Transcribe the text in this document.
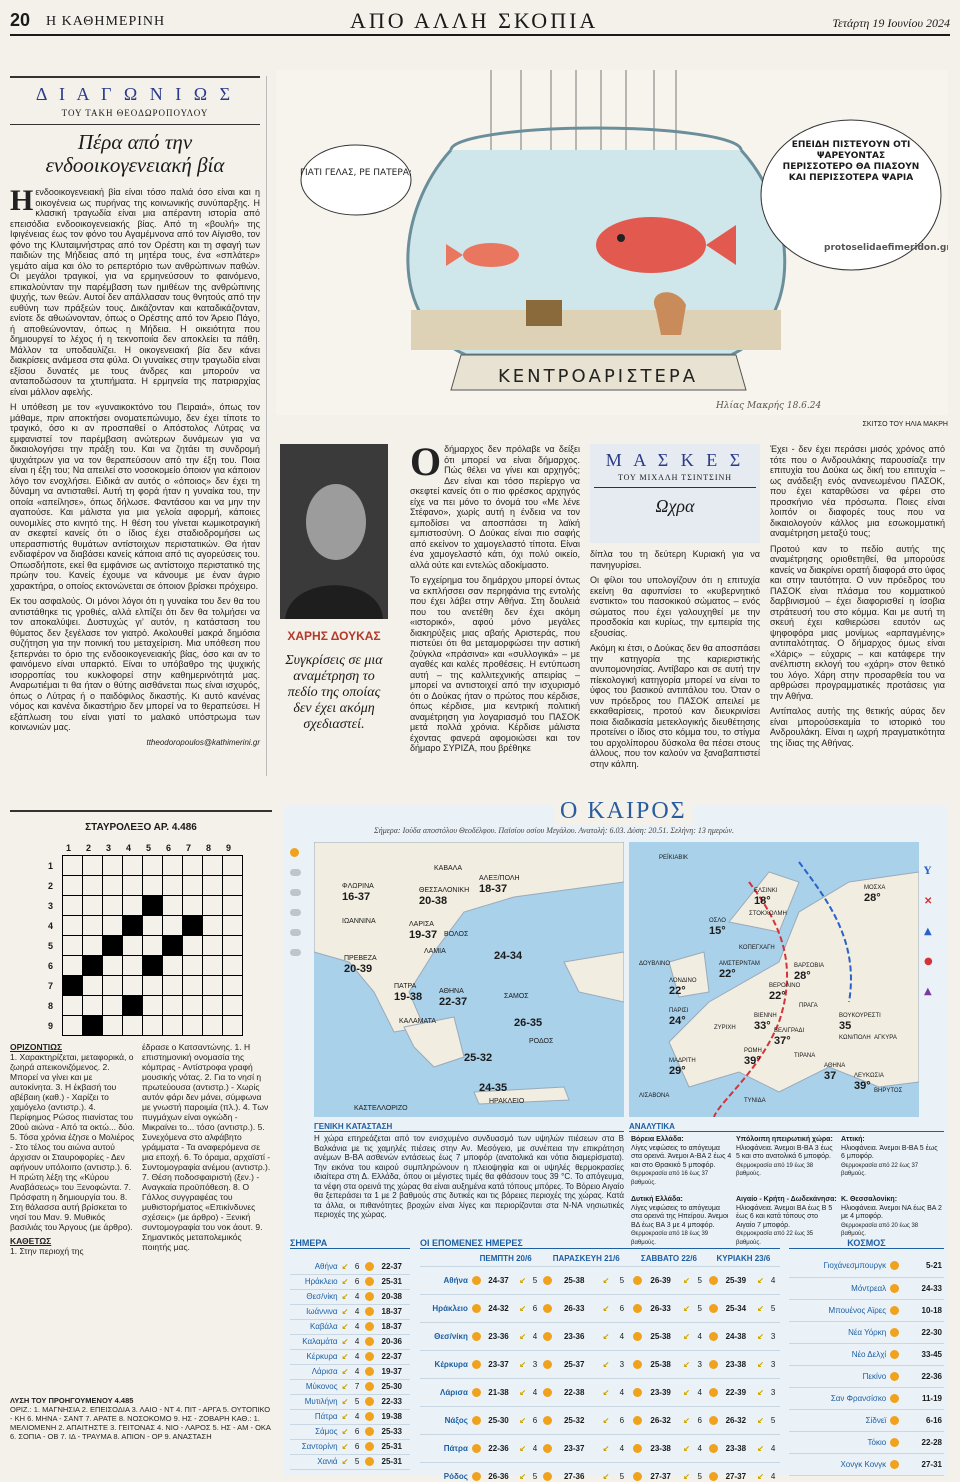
20 Η ΚΑΘΗΜΕΡΙΝΗ	ΑΠΟ ΑΛΛΗ ΣΚΟΠΙΑ	Τετάρτη 19 Ιουνίου 2024
Δ Ι Α Γ Ω Ν Ι Ω Σ
ΤΟΥ ΤΑΚΗ ΘΕΟΔΩΡΟΠΟΥΛΟΥ
Πέρα από την ενδοοικογενειακή βία

Ηενδοοικογενειακή βία είναι τόσο παλιά όσο είναι και η οικογένεια ως πυρήνας της κοινωνικής συνύπαρξης. Η κλασική τραγωδία είναι μια απέραντη ιστορία από επεισόδια ενδοοικογενειακής βίας. Από τη «βουλή» της Ιφιγένειας έως τον φόνο του Αγαμέμνονα από τον Αίγισθο, τον φόνο της Κλυταιμνήστρας από τον Ορέστη και τη σφαγή των παιδιών της Μήδειας από τη μητέρα τους, ένα «σπλάτερ» γεμάτο αίμα και όλο το ρεπερτόριο των ανθρώπινων παθών. Οι μεγάλοι τραγικοί, για να ερμηνεύσουν το φαινόμενο, επικαλούνταν την παρέμβαση των ημιθέων της ανθρώπινης ψυχής, των θεών. Αυτοί δεν απάλλασαν τους θνητούς από την ευθύνη των πράξεών τους. Δικάζονταν και καταδικάζονταν, ενίοτε δε αθωώνονταν, όπως ο Ορέστης από τον Άρειο Πάγο, ή αποθεώνονταν, όπως η Μήδεια. Η οικειότητα που δημιουργεί το λέχος ή η τεκνοποιία δεν αποκλείει τα πάθη. Μάλλον τα υποδαυλίζει. Η οικογενειακή βία δεν κάνει διακρίσεις ανάμεσα στα φύλα. Οι γυναίκες στην τραγωδία είναι εξίσου δυνατές με τους άνδρες και μπορούν να ανταποδώσουν τα χτυπήματα. Η ερμηνεία της πατριαρχίας είναι μάλλον αφελής.

Η υπόθεση με τον «γυναικοκτόνο του Πειραιά», όπως τον μάθαμε, πριν αποκτήσει ονοματεπώνυμο, δεν έχει τίποτε το τραγικό, όσο κι αν προσπαθεί ο Απόστολος Λύτρας να εμφανιστεί τον παρέμβαση ανώτερων δυνάμεων για να δικαιολογήσει την πράξη του. Και να ζητάει τη συνδρομή ψυχιάτρων για να τον θεραπεύσουν από την έξη του. Ποια είναι η έξη του; Να απειλεί στο νοσοκομείο όποιον για κάποιον λόγο τον ενοχλήσει. Ειδικά αν αυτός ο «όποιος» δεν έχει τη δύναμη να αντισταθεί. Αυτή τη φορά ήταν η γυναίκα του, την οποία «απείλησε», όπως δήλωσε. Φαντάσου και να μην την αγαπούσε. Και μάλιστα για μια γελοία αφορμή, κάποιες ουνομιλίες στο κινητό της. Η θέση του γίνεται κωμικοτραγική αν σκεφτεί κανείς ότι ο ίδιος έχει σταδιοδρομήσει ως υπερασπιστής θυμάτων αντίστοιχων περιστατικών. Θα ήταν ενδιαφέρον να διαβάσει κανείς κάποια από τις αγορεύσεις του. Οπωσδήποτε, εκεί θα εμφάνισε ως αντίστοιχο περιστατικό της πρώην του. Κανείς έχουμε να κάνουμε με έναν άγριο χαρακτήρα, ο οποίος εκτονώνεται σε όποιον βρίσκει πρόχειρο.

Εκ του ασφαλούς. Οι μόνοι λόγοι ότι η γυναίκα του δεν θα του αντιστάθηκε τις γροθιές, αλλά ελπίζει ότι δεν θα τολμήσει να τον αποκαλύψει. Δυστυχώς γι’ αυτόν, η κατάσταση του θύματος δεν ξεγέλασε τον γιατρό. Ακολουθεί μακρά δημόσια συζήτηση για την ποινική του μεταχείριση. Μια υπόθεση που ξεπερνάει το όριο της ενδοοικογενειακής βίας, όσο και αν το φαινόμενο είναι υπαρκτό. Είναι το υπόβαθρο της ψυχικής ισορροπίας του κυκλοφορεί στην καθημερινότητά μας. Αναρωτιέμαι τι θα ήταν ο θύτης αισθάνεται πως είναι ισχυρός, όπως ο Λύτρας ή ο παιδόφιλος δικαστής. Κι αυτό κανένας νόμος και κανένα δικαστήριο δεν μπορεί να το θεραπεύσει. Η εξάπλωση του είναι γιατί το μαλακό υπόστρωμα των κοινωνιών μας.

ttheodoropoulos@kathimerini.gr

ΚΕΝΤΡΟΑΡΙΣΤΕΡΑ
ΓΙΑΤΙ ΓΕΛΑΣ, ΡΕ ΠΑΤΕΡΑ;
ΕΠΕΙΔΗ ΠΙΣΤΕΥΟΥΝ ΟΤΙ ΨΑΡΕΥΟΝΤΑΣ ΠΕΡΙΣΣΟΤΕΡΟ ΘΑ ΠΙΑΣΟΥΝ ΚΑΙ ΠΕΡΙΣΣΟΤΕΡΑ ΨΑΡΙΑ
protoselidaefimeridon.gr
Ηλίας Μακρής 18.6.24
ΣΚΙΤΣΟ ΤΟΥ ΗΛΙΑ ΜΑΚΡΗ
ΧΑΡΗΣ ΔΟΥΚΑΣ
Συγκρίσεις σε μια αναμέτρηση το πεδίο της οποίας δεν έχει ακόμη σχεδιαστεί.

Οδήμαρχος δεν πρόλαβε να δείξει ότι μπορεί να είναι δήμαρχος. Πώς θέλει να γίνει και αρχηγός; Δεν είναι και τόσο περίεργο να σκεφτεί κανείς ότι ο πιο φρέσκος αρχηγός είχε να πει μόνο το όνομά του «Με λένε Στέφανο», χωρίς αυτή η ένδεια να τον εμποδίσει να αποσπάσει τη λαϊκή εμπιστοσύνη. Ο Δούκας είναι πιο σαφής από εκείνον το χαμογελαστό τίποτα. Είναι ένα χαμογελαστό κάτι, όχι πολύ οικείο, αλλά ούτε και εντελώς αδοκίμαστο.

Το εγχείρημα του δημάρχου μπορεί όντως να εκπλήσσει σαν περηφάνια της εντολής που έχει λάβει στην Αθήνα. Στη δουλειά που του ανετέθη δεν έχει ακόμη «ιστορικό», αφού μόνο μεγάλες διακηρύξεις μιας αβαής Αριστεράς, που πιστεύει ότι θα μεταμορφώσει την αστική ζούγκλα «πράσινα» και «συλλογικά» – με αγαθές και καλές προθέσεις. Η εντύπωση αυτή – της καλλιτεχνικής απειρίας – μπορεί να αντιστοιχεί από την ισχυρισμό ότι ο Δούκας ήταν ο πρώτος που κέρδισε, όπως κέρδισε, μια κεντρική πολιτική αναμέτρηση για λογαριασμό του ΠΑΣΟΚ μετά πολλά χρόνια. Κέρδισε μάλιστα έχοντας φανερά αφομοιώσει και τον δήμαρο ΣΥΡΙΖΑ, που βρέθηκε

Μ Α Σ Κ Ε Σ
ΤΟΥ ΜΙΧΑΛΗ ΤΣΙΝΤΣΙΝΗ
Ωχρα

δίπλα του τη δεύτερη Κυριακή για να πανηγυρίσει.

Οι φίλοι του υπολογίζουν ότι η επιτυχία εκείνη θα αφυπνίσει το «κυβερνητικό ενστικτο» του πασοκικού σώματος – ενός σώματος που έχει γαλουχηθεί με την προσδοκία και κυρίως, την εμπειρία της εξουσίας.

Ακόμη κι έτσι, ο Δούκας δεν θα αποσπάσει την κατηγορία της καριεριστικής ανυπομονησίας. Αντίβαρο και σε αυτή την πίεκολογική κατηγορία μπορεί να είναι το ύφος του βασικού αντιπάλου του. Όταν ο νυν πρόεδρος του ΠΑΣΟΚ απειλεί με εκκαθαρίσεις, προτού καν διευκρινίσει ποια διαδικασία μετεκλογικής διευθέτησης προτείνει ο ίδιος στο κόμμα του, το στίγμα του αρχολίπορου δύσκολα θα πέσει στους άλλους, που τον καλούν να ξαναβαπτιστεί στην κάλπη.

Έχει - δεν έχει περάσει μισός χρόνος από τότε που ο Ανδρουλάκης παρουσίαζε την επιτυχία του Δούκα ως δική του επιτυχία – ως ανάδειξη ενός ανανεωμένου ΠΑΣΟΚ, που έχει καταρθώσει να φέρει στο προσκήνιο νέα πρόσωπα. Ποιες είναι λοιπόν οι διαφορές τους που να δικαιολογούν κάλλος μια εσωκομματική αναμέτρηση μεταξύ τους;

Προτού καν το πεδίο αυτής της αναμέτρησης οριοθετηθεί, θα μπορούσε κανείς να διακρίνει ορατή διαφορά στο ύφος και στην ταυτότητα. Ο νυν πρόεδρος του ΠΑΣΟΚ είναι πλάσμα του κομματικού δαρβινισμού – έχει διαφορισθεί η ίσοβια στράτευσή του στο κόμμα. Και με αυτή τη σκευή έχει καθιερώσει εαυτόν ως ψηφοφόρα μιας μονίμως «αρπαγμένης» αντιπαλότητας. Ο δήμαρχος όμως είναι «Χάρις» – εύχαρις – και κατάφερε την ανέλπιστη εκλογή του «χάρη» στον θετικό του λόγο. Χάρη στην προσαρθεία του να αρθρώσει προγραμματικές προτάσεις για την Αθήνα.

Αντίπαλος αυτής της θετικής αύρας δεν είναι μπορούσεκαμία το ιστορικό του Ανδρουλάκη. Είναι η ωχρή πραγματικότητα της ίδιας της Αθήνας.

ΣΤΑΥΡΟΛΕΞΟ ΑΡ. 4.486
1 2 3 4 5 6 7 8 9
1
2
3
4
5
6
7
8
9
ΟΡΙΖΟΝΤΙΩΣ
1. Χαρακτηρίζεται, μεταφορικά, ο ζωηρά απεικονιζόμενος. 2. Μπορεί να γίνει και με αυτοκίνητα. 3. Η έκβασή του αβέβαιη (καθ.) - Χαρίζει το χαμόγελο (αντιστρ.). 4. Περίφημος Ρώσος πιανίστας του 20ού αιώνα - Από τα οκτώ... δύο. 5. Τόσα χρόνια έζησε ο Μολιέρος - Στο τέλος του αιώνα αυτού άρχισαν οι Σταυροφορίες - Δεν αφήνουν υπόλοιπο (αντιστρ.). 6. Η πρώτη λέξη της «Κύρου Αναβάσεως» του Ξενοφώντα. 7. Πρόσφατη η δημιουργία του. 8. Στη θάλασσα αυτή βρίσκεται το νησί του Μαν. 9. Μυθικός βασιλιάς του Άργους (με άρθρο).
ΚΑΘΕΤΩΣ
1. Στην περιοχή της
έδρασε ο Κατσαντώνης. 1. Η επιστημονική ονομασία της κόμπρας - Αντίστροφα γραφή μουσικής νότας. 2. Για το νησί η πρωτεύουσα (αντιστρ.) - Χωρίς αυτόν φάρι δεν μάνει, σύμφωνα με γνωστή παροιμία (πλ.). 4. Των πυγμάχων είναι ογκώδη - Μικραίνει το... τόσο (αντιστρ.). 5. Συνεχόμενα στο αλφάβητο γράμματα - Τα αναφερόμενα σε μια εποχή. 6. Το όραμα, αρχαϊστί - Συντομογραφία ανέμου (αντιστρ.). 7. Θέση ποδοσφαιριστή (ξεν.) - Αναγκαία προϋπόθεση. 8. Ο Γάλλος συγγραφέας του μυθιστορήματος «Επικίνδυνες σχέσεις» (με άρθρο) - Ξενική συντομογραφία του νοκ άουτ. 9. Σημαντικός μεταπολεμικός ποιητής μας.
ΛΥΣΗ ΤΟΥ ΠΡΟΗΓΟΥΜΕΝΟΥ 4.485
ΟΡΙΖ.: 1. ΜΑΓΝΗΣΙΑ 2. ΕΠΕΙΣΟΔΙΑ 3. ΛΑΙΟ - ΝΤ 4. ΠΙΤ - ΑΡΓΑ 5. ΟΥΤΟΠΙΚΟ - ΚΗ 6. ΜΗΝΑ - ΣΑΝΤ 7. ΑΡΑΤΕ 8. ΝΟΣΟΚΟΜΟ 9. ΗΣ - ΖΟΒΑΡΗ ΚΑΘ.: 1. ΜΕΛΙΟΜΕΝΗ 2. ΑΠΑΙΤΗΣΤΕ 3. ΓΕΙΤΟΝΑΣ 4. ΝΙΟ - ΛΑΡΟΣ 5. ΗΣ - ΑΜ - ΟΚΑ 6. ΣΟΠΙΑ - ΟΒ 7. ΙΔ - ΤΡΑΥΜΑ 8. ΑΠΙΟΝ - ΟΡ 9. ΑΝΑΣΤΑΣΗ
Ο ΚΑΙΡΟΣ
Σήμερα: Ιούδα αποστόλου Θεοδέλφου. Παϊσίου οσίου Μεγάλου. Ανατολή: 6.03. Δύση: 20.51. Σελήνη: 13 ημερών.
ΦΛΩΡΙΝΑ
16-37
ΚΑΒΑΛΑ
ΘΕΣΣΑΛΟΝΙΚΗ
20-38
ΑΛΕΞ/ΠΟΛΗ
18-37
ΙΩΑΝΝΙΝΑ	ΛΑΡΙΣΑ
19-37 ΒΟΛΟΣ
ΛΑΜΙΑ
ΠΡΕΒΕΖΑ
20-39
24-34
ΠΑΤΡΑ
19-38 ΑΘΗΝΑ
22-37	ΣΑΜΟΣ
ΚΑΛΑΜΑΤΑ	26-35
ΡΟΔΟΣ
25-32
24-35
ΗΡΑΚΛΕΙΟ
ΚΑΣΤΕΛΛΟΡΙΖΟ
ΡΕΪΚΙΑΒΙΚ
ΕΛΣΙΝΚΙ
18°
ΜΟΣΧΑ
28°
ΟΣΛΟ
15°
ΣΤΟΚΧΟΛΜΗ
ΚΟΠΕΓΧΑΓΗ
ΔΟΥΒΛΙΝΟ	ΑΜΣΤΕΡΝΤΑΜ
22°
ΒΑΡΣΟΒΙΑ
28°
ΛΟΝΔΙΝΟ
22°	ΒΕΡΟΛΙΝΟ
22°
ΠΡΑΓΑ
ΠΑΡΙΣΙ
24°	ΒΙΕΝΝΗ
33°
ΒΟΥΚΟΥΡΕΣΤΙ
35
ΖΥΡΙΧΗ	ΒΕΛΙΓΡΑΔΙ
37°	ΚΩΝ/ΠΟΛΗ ΑΓΚΥΡΑ
ΡΩΜΗ
39°	ΤΙΡΑΝΑ
ΜΑΔΡΙΤΗ
29°	ΑΘΗΝΑ
37	ΛΕΥΚΩΣΙΑ
39°
ΛΙΣΑΒΟΝΑ
ΤΥΝΙΔΑ
ΒΗΡΥΤΟΣ
Y
✕
▲
●
▲
ΓΕΝΙΚΗ ΚΑΤΑΣΤΑΣΗ
Η χώρα επηρεάζεται από τον ενισχυμένο συνδυασμό των υψηλών πιέσεων στα Β Βαλκάνια με τις χαμηλές πιέσεις στην Αν. Μεσόγειο, με συνέπεια την επικράτηση ανέμων Β-ΒΑ ασθενών εντάσεως έως 7 μποφόρ (ανατολικά και νότια διαμερίσματα). Την εικόνα του καιρού συμπληρώνουν η πλειοψηφία και οι υψηλές θερμοκρασίες ιδιαίτερα στη Δ. Ελλάδα, όπου οι μέγιστες τιμές θα φθάσουν τους 39 °C. Το απόγευμα, τα νέφη στα ορεινά της χώρας θα είναι αυξημένα κατά τόπους μπόρες. Το Βόρειο Αιγαίο θα ξεπεράσει τα 1 με 2 βαθμούς στις δυτικές και τις βόρειες περιοχές της χώρας. Κατά τα άλλα, οι πιθανότητες βροχών είναι λίγες και περιορίζονται στα Ν-ΝΑ νησιωτικές περιοχές της χώρας.
ΑΝΑΛΥΤΙΚΑ
Βόρεια Ελλάδα:
Λίγες νεφώσεις το απόγευμα στα ορεινά. Άνεμοι Α-ΒΑ 2 έως 4 και στο Θρακικό 5 μποφόρ.
Θερμοκρασία από 16 έως 37 βαθμούς.
Υπόλοιπη ηπειρωτική χώρα:
Ηλιοφάνεια. Άνεμοι Β-ΒΑ 3 έως 5 και στο ανατολικά 6 μποφόρ.
Θερμοκρασία από 19 έως 38 βαθμούς.
Αττική:
Ηλιοφάνεια. Άνεμοι Β-ΒΑ 5 έως 6 μποφόρ.
Θερμοκρασία από 22 έως 37 βαθμούς.
Δυτική Ελλάδα:
Λίγες νεφώσεις το απόγευμα στα ορεινά της Ηπείρου. Άνεμοι ΒΔ έως ΒΑ 3 με 4 μποφόρ.
Θερμοκρασία από 18 έως 39 βαθμούς.
Αιγαίο - Κρήτη - Δωδεκάνησα:
Ηλιοφάνεια. Άνεμοι ΒΑ έως Β 5 έως 6 και κατά τόπους στο Αιγαίο 7 μποφόρ.
Θερμοκρασία από 22 έως 35 βαθμούς.
Κ. Θεσσαλονίκη:
Ηλιοφάνεια. Άνεμοι ΝΑ έως ΒΑ 2 με 4 μποφόρ.
Θερμοκρασία από 20 έως 38 βαθμούς.
ΣΗΜΕΡΑ
Αθήνα	↙	6		22-37
Ηράκλειο	↙	6		25-31
Θεσ/νίκη	↙	4		20-38
Ιωάννινα	↙	4		18-37
Καβάλα	↙	4		18-37
Καλαμάτα	↙	4		20-36
Κέρκυρα	↙	4		22-37
Λάρισα	↙	4		19-37
Μύκονος	↙	7		25-30
Μυτιλήνη	↙	5		22-33
Πάτρα	↙	4		19-38
Σάμος	↙	6		25-33
Σαντορίνη	↙	6		25-31
Χανιά	↙	5		25-31
ΟΙ ΕΠΟΜΕΝΕΣ ΗΜΕΡΕΣ
	ΠΕΜΠΤΗ 20/6				ΠΑΡΑΣΚΕΥΗ 21/6				ΣΑΒΒΑΤΟ 22/6				ΚΥΡΙΑΚΗ 23/6			
Αθήνα		24-37	↙	5		25-38	↙	5		26-39	↙	5		25-39	↙	4
Ηράκλειο		24-32	↙	6		26-33	↙	6		26-33	↙	5		25-34	↙	5
Θεσ/νίκη		23-36	↙	4		23-36	↙	4		25-38	↙	4		24-38	↙	3
Κέρκυρα		23-37	↙	3		25-37	↙	3		25-38	↙	3		23-38	↙	3
Λάρισα		21-38	↙	4		22-38	↙	4		23-39	↙	4		22-39	↙	3
Νάξος		25-30	↙	6		25-32	↙	6		26-32	↙	6		26-32	↙	5
Πάτρα		22-36	↙	4		23-37	↙	4		23-38	↙	4		23-38	↙	4
Ρόδος		26-36	↙	5		27-36	↙	5		27-37	↙	5		27-37	↙	4
ΚΟΣΜΟΣ
Γιοχάνεσμπουργκ		5-21
Μόντρεαλ		24-33
Μπουένος Αϊρες		10-18
Νέα Υόρκη		22-30
Νέο Δελχί		33-45
Πεκίνο		22-36
Σαν Φρανσίσκο		11-19
Σίδνεϊ		6-16
Τόκιο		22-28
Χονγκ Κονγκ		27-31
